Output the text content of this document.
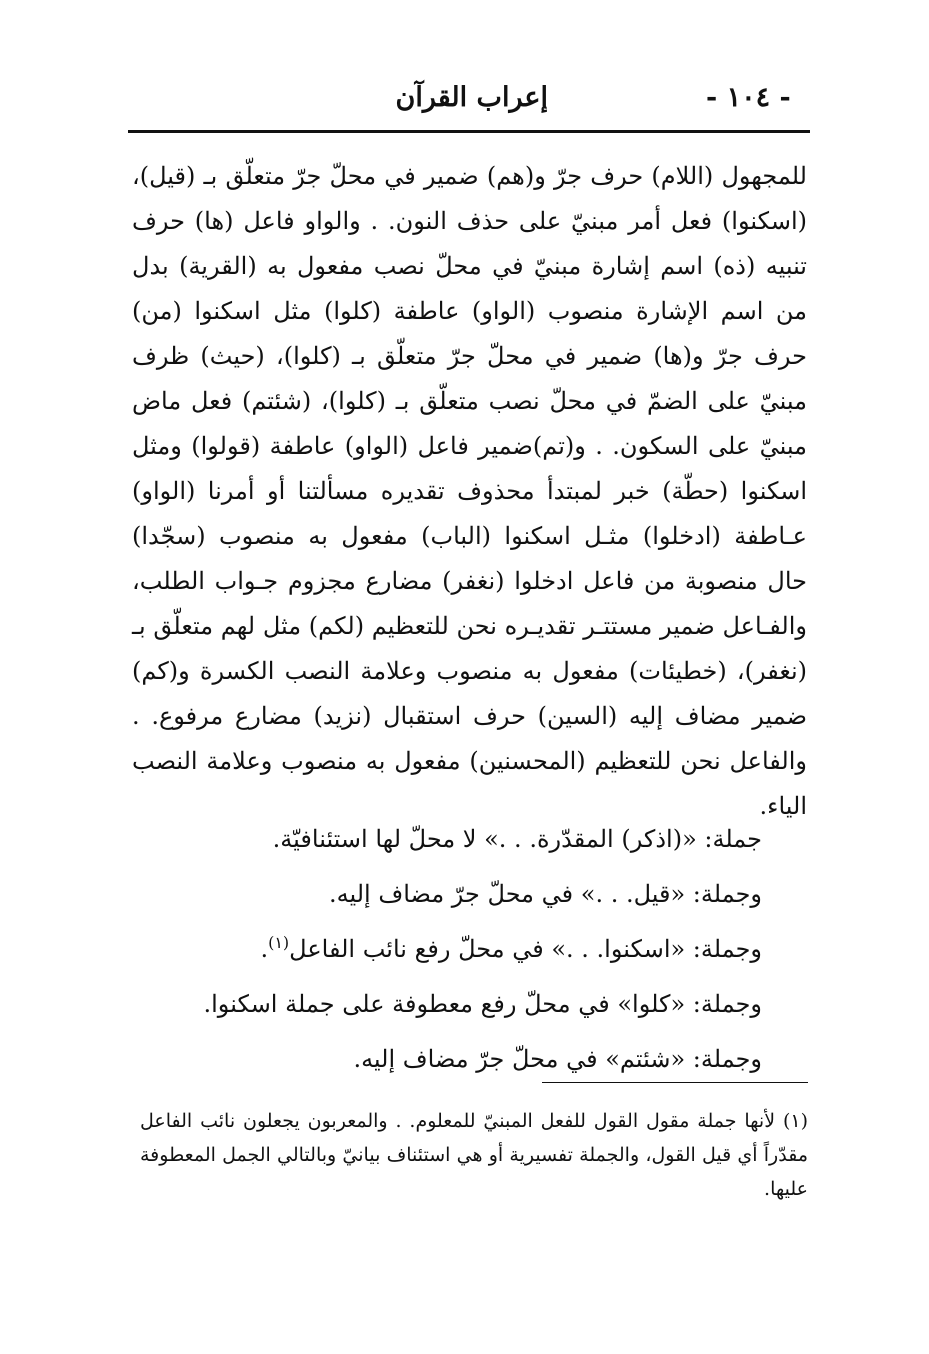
إعراب القرآن	- ١٠٤ -

للمجهول (اللام) حرف جرّ و(هم) ضمير في محلّ جرّ متعلّق بـ (قيل)، (اسكنوا) فعل أمر مبنيّ على حذف النون. . والواو فاعل (ها) حرف تنبيه (ذه) اسم إشارة مبنيّ في محلّ نصب مفعول به (القرية) بدل من اسم الإشارة منصوب (الواو) عاطفة (كلوا) مثل اسكنوا (من) حرف جرّ و(ها) ضمير في محلّ جرّ متعلّق بـ (كلوا)، (حيث) ظرف مبنيّ على الضمّ في محلّ نصب متعلّق بـ (كلوا)، (شئتم) فعل ماض مبنيّ على السكون. . و(تم)ضمير فاعل (الواو) عاطفة (قولوا) ومثل اسكنوا (حطّة) خبر لمبتدأ محذوف تقديره مسألتنا أو أمرنا (الواو) عـاطفة (ادخلوا) مثـل اسكنوا (الباب) مفعول به منصوب (سجّدا) حال منصوبة من فاعل ادخلوا (نغفر) مضارع مجزوم جـواب الطلب، والفـاعل ضمير مستتـر تقديـره نحن للتعظيم (لكم) مثل لهم متعلّق بـ (نغفر)، (خطيئات) مفعول به منصوب وعلامة النصب الكسرة و(كم) ضمير مضاف إليه (السين) حرف استقبال (نزيد) مضارع مرفوع. . والفاعل نحن للتعظيم (المحسنين) مفعول به منصوب وعلامة النصب الياء.

جملة: «(اذكر) المقدّرة. . .» لا محلّ لها استئنافيّة.
وجملة: «قيل. . .» في محلّ جرّ مضاف إليه.
وجملة: «اسكنوا. . .» في محلّ رفع نائب الفاعل$^{(١)}$.
وجملة: «كلوا» في محلّ رفع معطوفة على جملة اسكنوا.
وجملة: «شئتم» في محلّ جرّ مضاف إليه.

(١) لأنها جملة مقول القول للفعل المبنيّ للمعلوم. . والمعربون يجعلون نائب الفاعل مقدّراً أي قيل القول، والجملة تفسيرية أو هي استئناف بيانيّ وبالتالي الجمل المعطوفة عليها.
